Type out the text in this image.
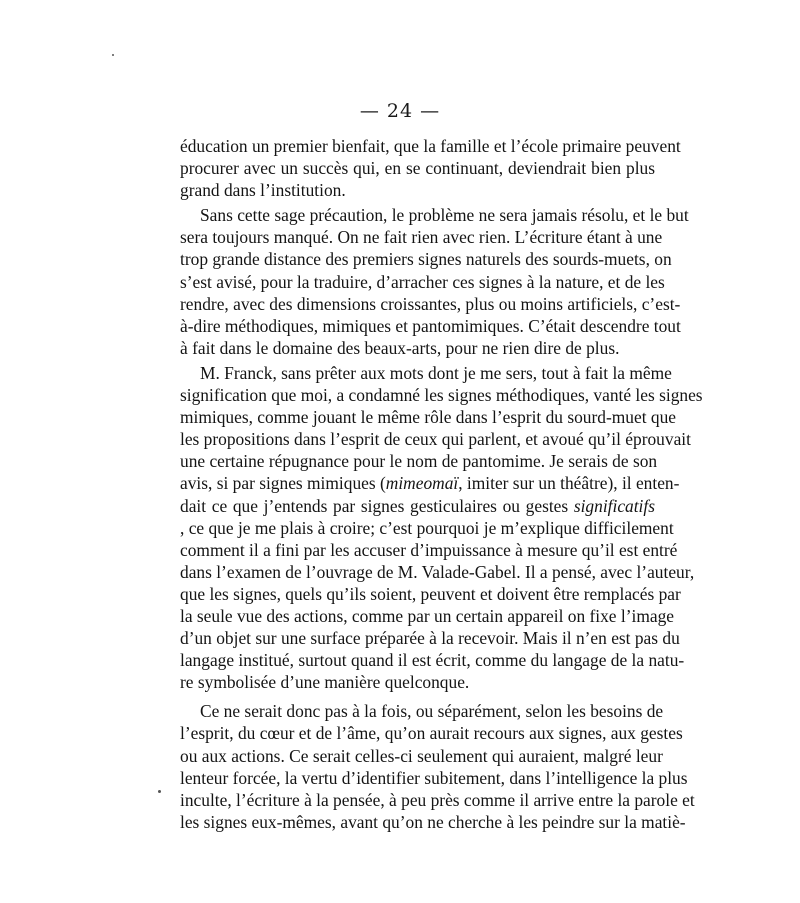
— 24 —

éducation un premier bienfait, que la famille et l’école primaire peuvent
procurer avec un succès qui, en se continuant, deviendrait bien plus
grand dans l’institution.
Sans cette sage précaution, le problème ne sera jamais résolu, et le but
sera toujours manqué. On ne fait rien avec rien. L’écriture étant à une
trop grande distance des premiers signes naturels des sourds-muets, on
s’est avisé, pour la traduire, d’arracher ces signes à la nature, et de les
rendre, avec des dimensions croissantes, plus ou moins artificiels, c’est-
à-dire méthodiques, mimiques et pantomimiques. C’était descendre tout
à fait dans le domaine des beaux-arts, pour ne rien dire de plus.
M. Franck, sans prêter aux mots dont je me sers, tout à fait la même
signification que moi, a condamné les signes méthodiques, vanté les signes
mimiques, comme jouant le même rôle dans l’esprit du sourd-muet que
les propositions dans l’esprit de ceux qui parlent, et avoué qu’il éprouvait
une certaine répugnance pour le nom de pantomime. Je serais de son
avis, si par signes mimiques (mimeomaï, imiter sur un théâtre), il enten-
dait ce que j’entends par signes gesticulaires ou gestes significatifs
, ce que je me plais à croire; c’est pourquoi je m’explique difficilement
comment il a fini par les accuser d’impuissance à mesure qu’il est entré
dans l’examen de l’ouvrage de M. Valade-Gabel. Il a pensé, avec l’auteur,
que les signes, quels qu’ils soient, peuvent et doivent être remplacés par
la seule vue des actions, comme par un certain appareil on fixe l’image
d’un objet sur une surface préparée à la recevoir. Mais il n’en est pas du
langage institué, surtout quand il est écrit, comme du langage de la natu-
re symbolisée d’une manière quelconque.
Ce ne serait donc pas à la fois, ou séparément, selon les besoins de
l’esprit, du cœur et de l’âme, qu’on aurait recours aux signes, aux gestes
ou aux actions. Ce serait celles-ci seulement qui auraient, malgré leur
lenteur forcée, la vertu d’identifier subitement, dans l’intelligence la plus
inculte, l’écriture à la pensée, à peu près comme il arrive entre la parole et
les signes eux-mêmes, avant qu’on ne cherche à les peindre sur la matiè-
